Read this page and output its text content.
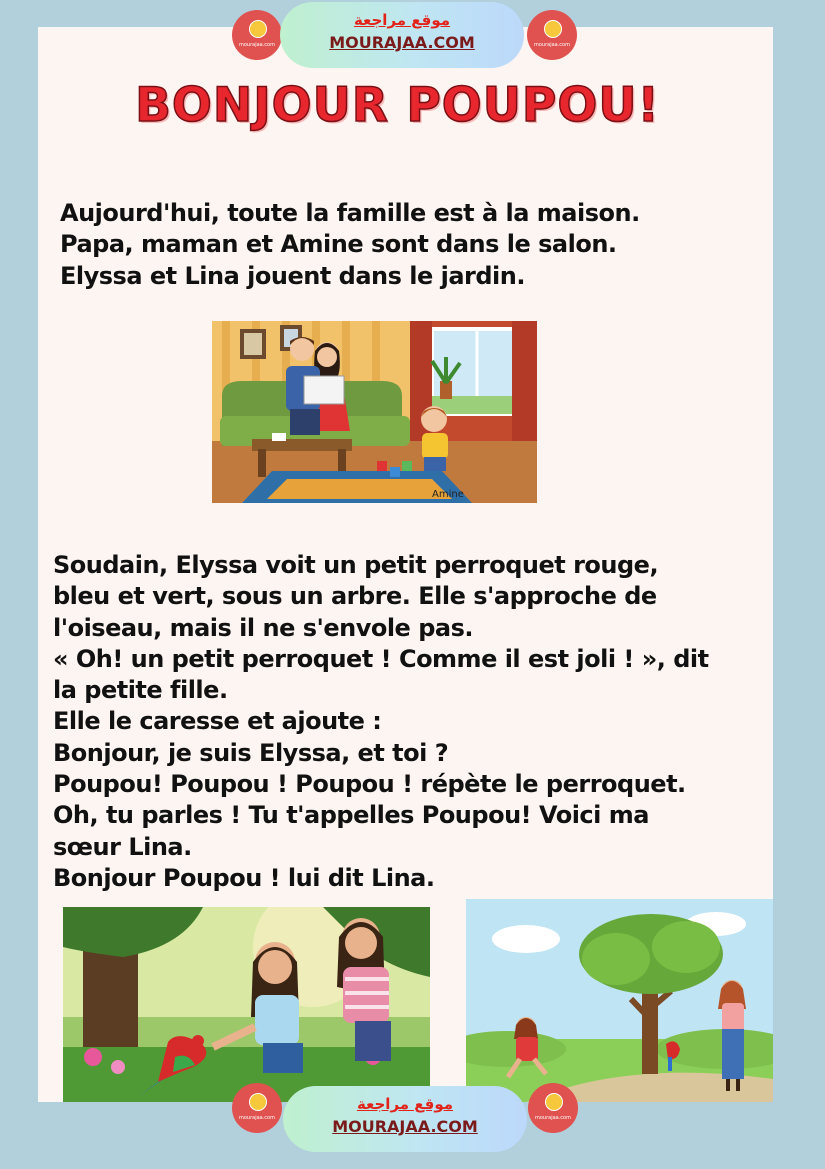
mourajaa.com
موقع مراجعة
MOURAJAA.COM	mourajaa.com
BONJOUR POUPOU!

Aujourd'hui, toute la famille est à la maison.
Papa, maman et Amine sont dans le salon.
Elyssa et Lina jouent dans le jardin.

Amine

Soudain, Elyssa voit un petit perroquet rouge,
bleu et vert, sous un arbre. Elle s'approche de
l'oiseau, mais il ne s'envole pas.
« Oh! un petit perroquet ! Comme il est joli ! », dit
la petite fille.
Elle le caresse et ajoute :
Bonjour, je suis Elyssa, et toi ?
Poupou! Poupou ! Poupou ! répète le perroquet.
Oh, tu parles ! Tu t'appelles Poupou! Voici ma
sœur Lina.
Bonjour Poupou ! lui dit Lina.

mourajaa.com
موقع مراجعة
MOURAJAA.COM	mourajaa.com
